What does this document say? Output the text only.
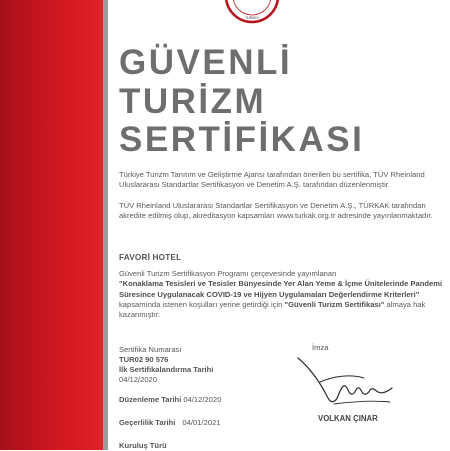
TURKEY
GÜVENLİ
TURİZM
SERTİFİKASI

Türkiye Turizm Tanıtım ve Geliştirme Ajansı tarafından önerilen bu sertifika, TÜV Rheinland Uluslararası Standartlar Sertifikasyon ve Denetim A.Ş. tarafından düzenlenmiştir.

TÜV Rheinland Uluslararası Standartlar Sertifikasyon ve Denetim A.Ş., TÜRKAK tarafından akredite edilmiş olup, akreditasyon kapsamları www.turkak.org.tr adresinde yayınlanmaktadır.

FAVORİ HOTEL

Güvenli Turizm Sertifikasyon Programı çerçevesinde yayımlanan
"Konaklama Tesisleri ve Tesisler Bünyesinde Yer Alan Yeme & İçme Ünitelerinde Pandemi Süresince Uygulanacak COVID-19 ve Hijyen Uygulamaları Değerlendirme Kriterleri" kapsamında istenen koşulları yerine getirdiği için "Güvenli Turizm Sertifikası" almaya hak kazanmıştır.

Sertifika Numarası
TUR02 90 576
İlk Sertifikalandırma Tarihi
04/12/2020
Düzenleme Tarihi 04/12/2020
Geçerlilik Tarihi 04/01/2021
Kuruluş Türü
İmza
VOLKAN ÇINAR
